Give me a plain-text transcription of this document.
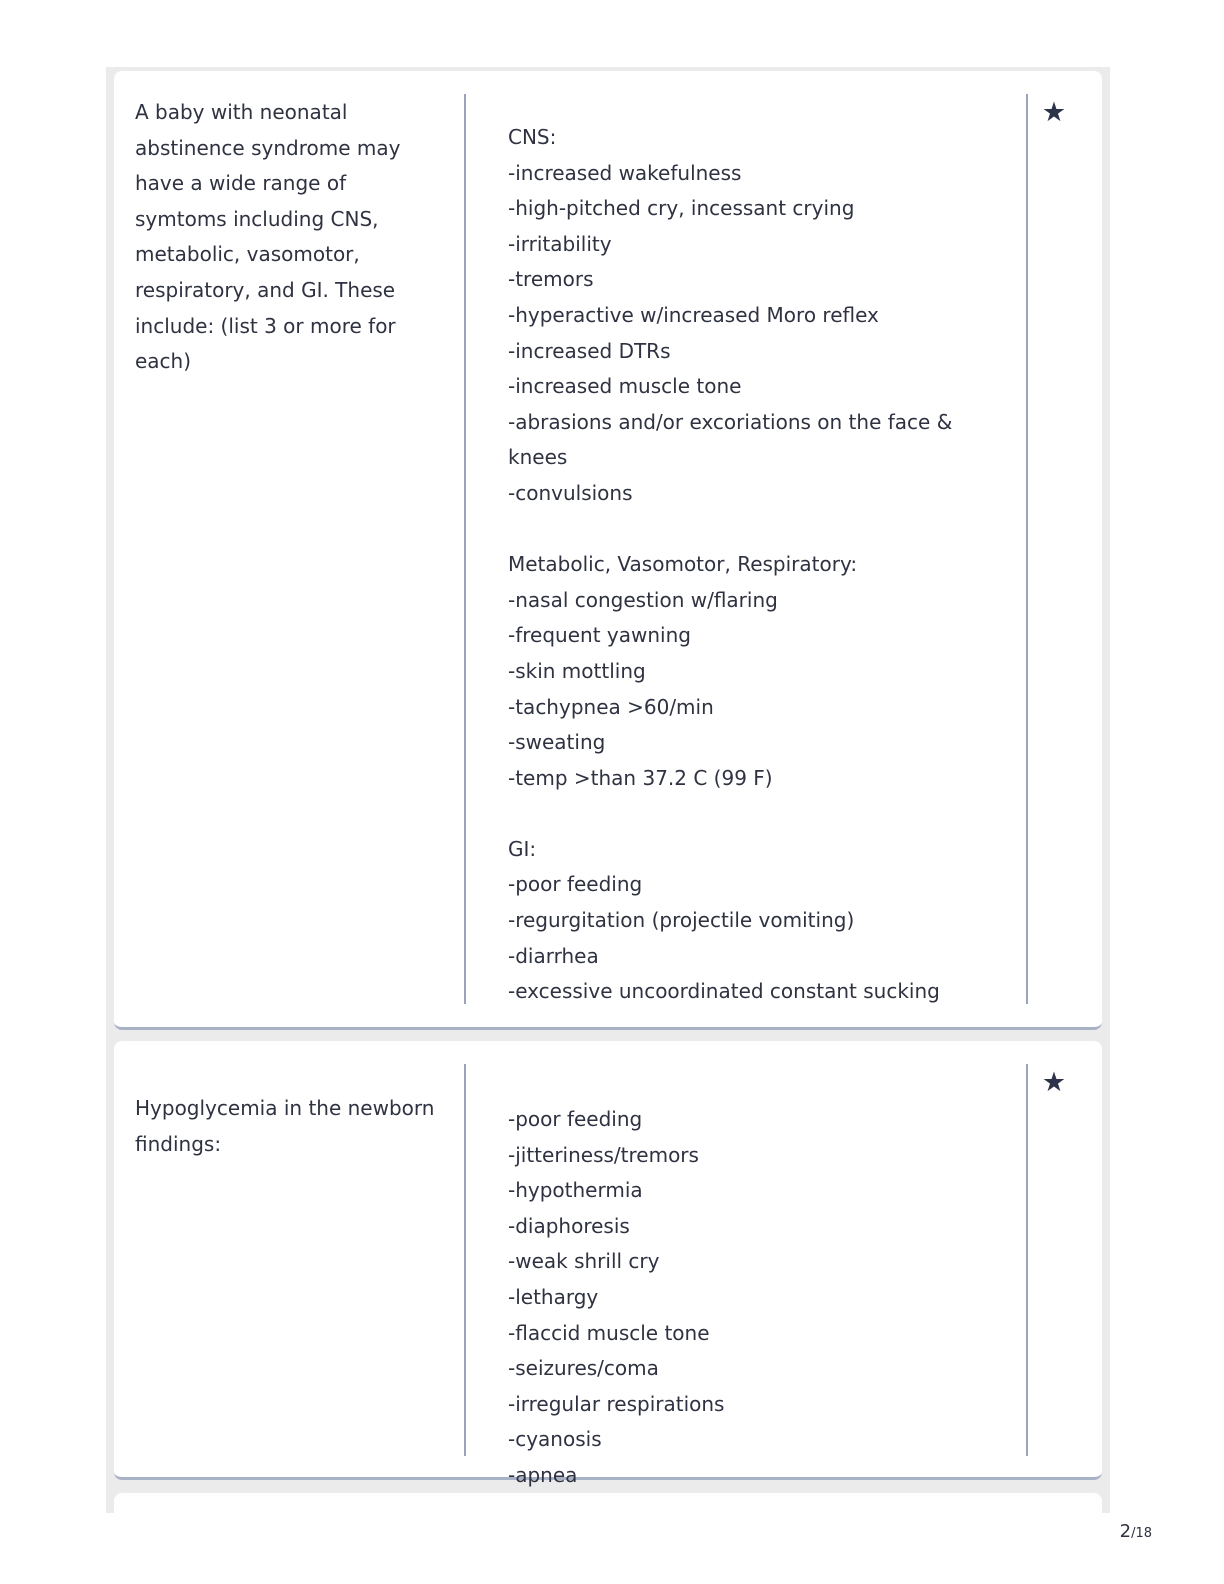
A baby with neonatal abstinence syndrome may have a wide range of symtoms including CNS, metabolic, vasomotor, respiratory, and GI. These include: (list 3 or more for each)
CNS:
-increased wakefulness
-high-pitched cry, incessant crying
-irritability
-tremors
-hyperactive w/increased Moro reflex
-increased DTRs
-increased muscle tone
-abrasions and/or excoriations on the face &
knees
-convulsions
Metabolic, Vasomotor, Respiratory:
-nasal congestion w/flaring
-frequent yawning
-skin mottling
-tachypnea >60/min
-sweating
-temp >than 37.2 C (99 F)
GI:
-poor feeding
-regurgitation (projectile vomiting)
-diarrhea
-excessive uncoordinated constant sucking
★
Hypoglycemia in the newborn findings:
-poor feeding
-jitteriness/tremors
-hypothermia
-diaphoresis
-weak shrill cry
-lethargy
-flaccid muscle tone
-seizures/coma
-irregular respirations
-cyanosis
-apnea
★
2/18
